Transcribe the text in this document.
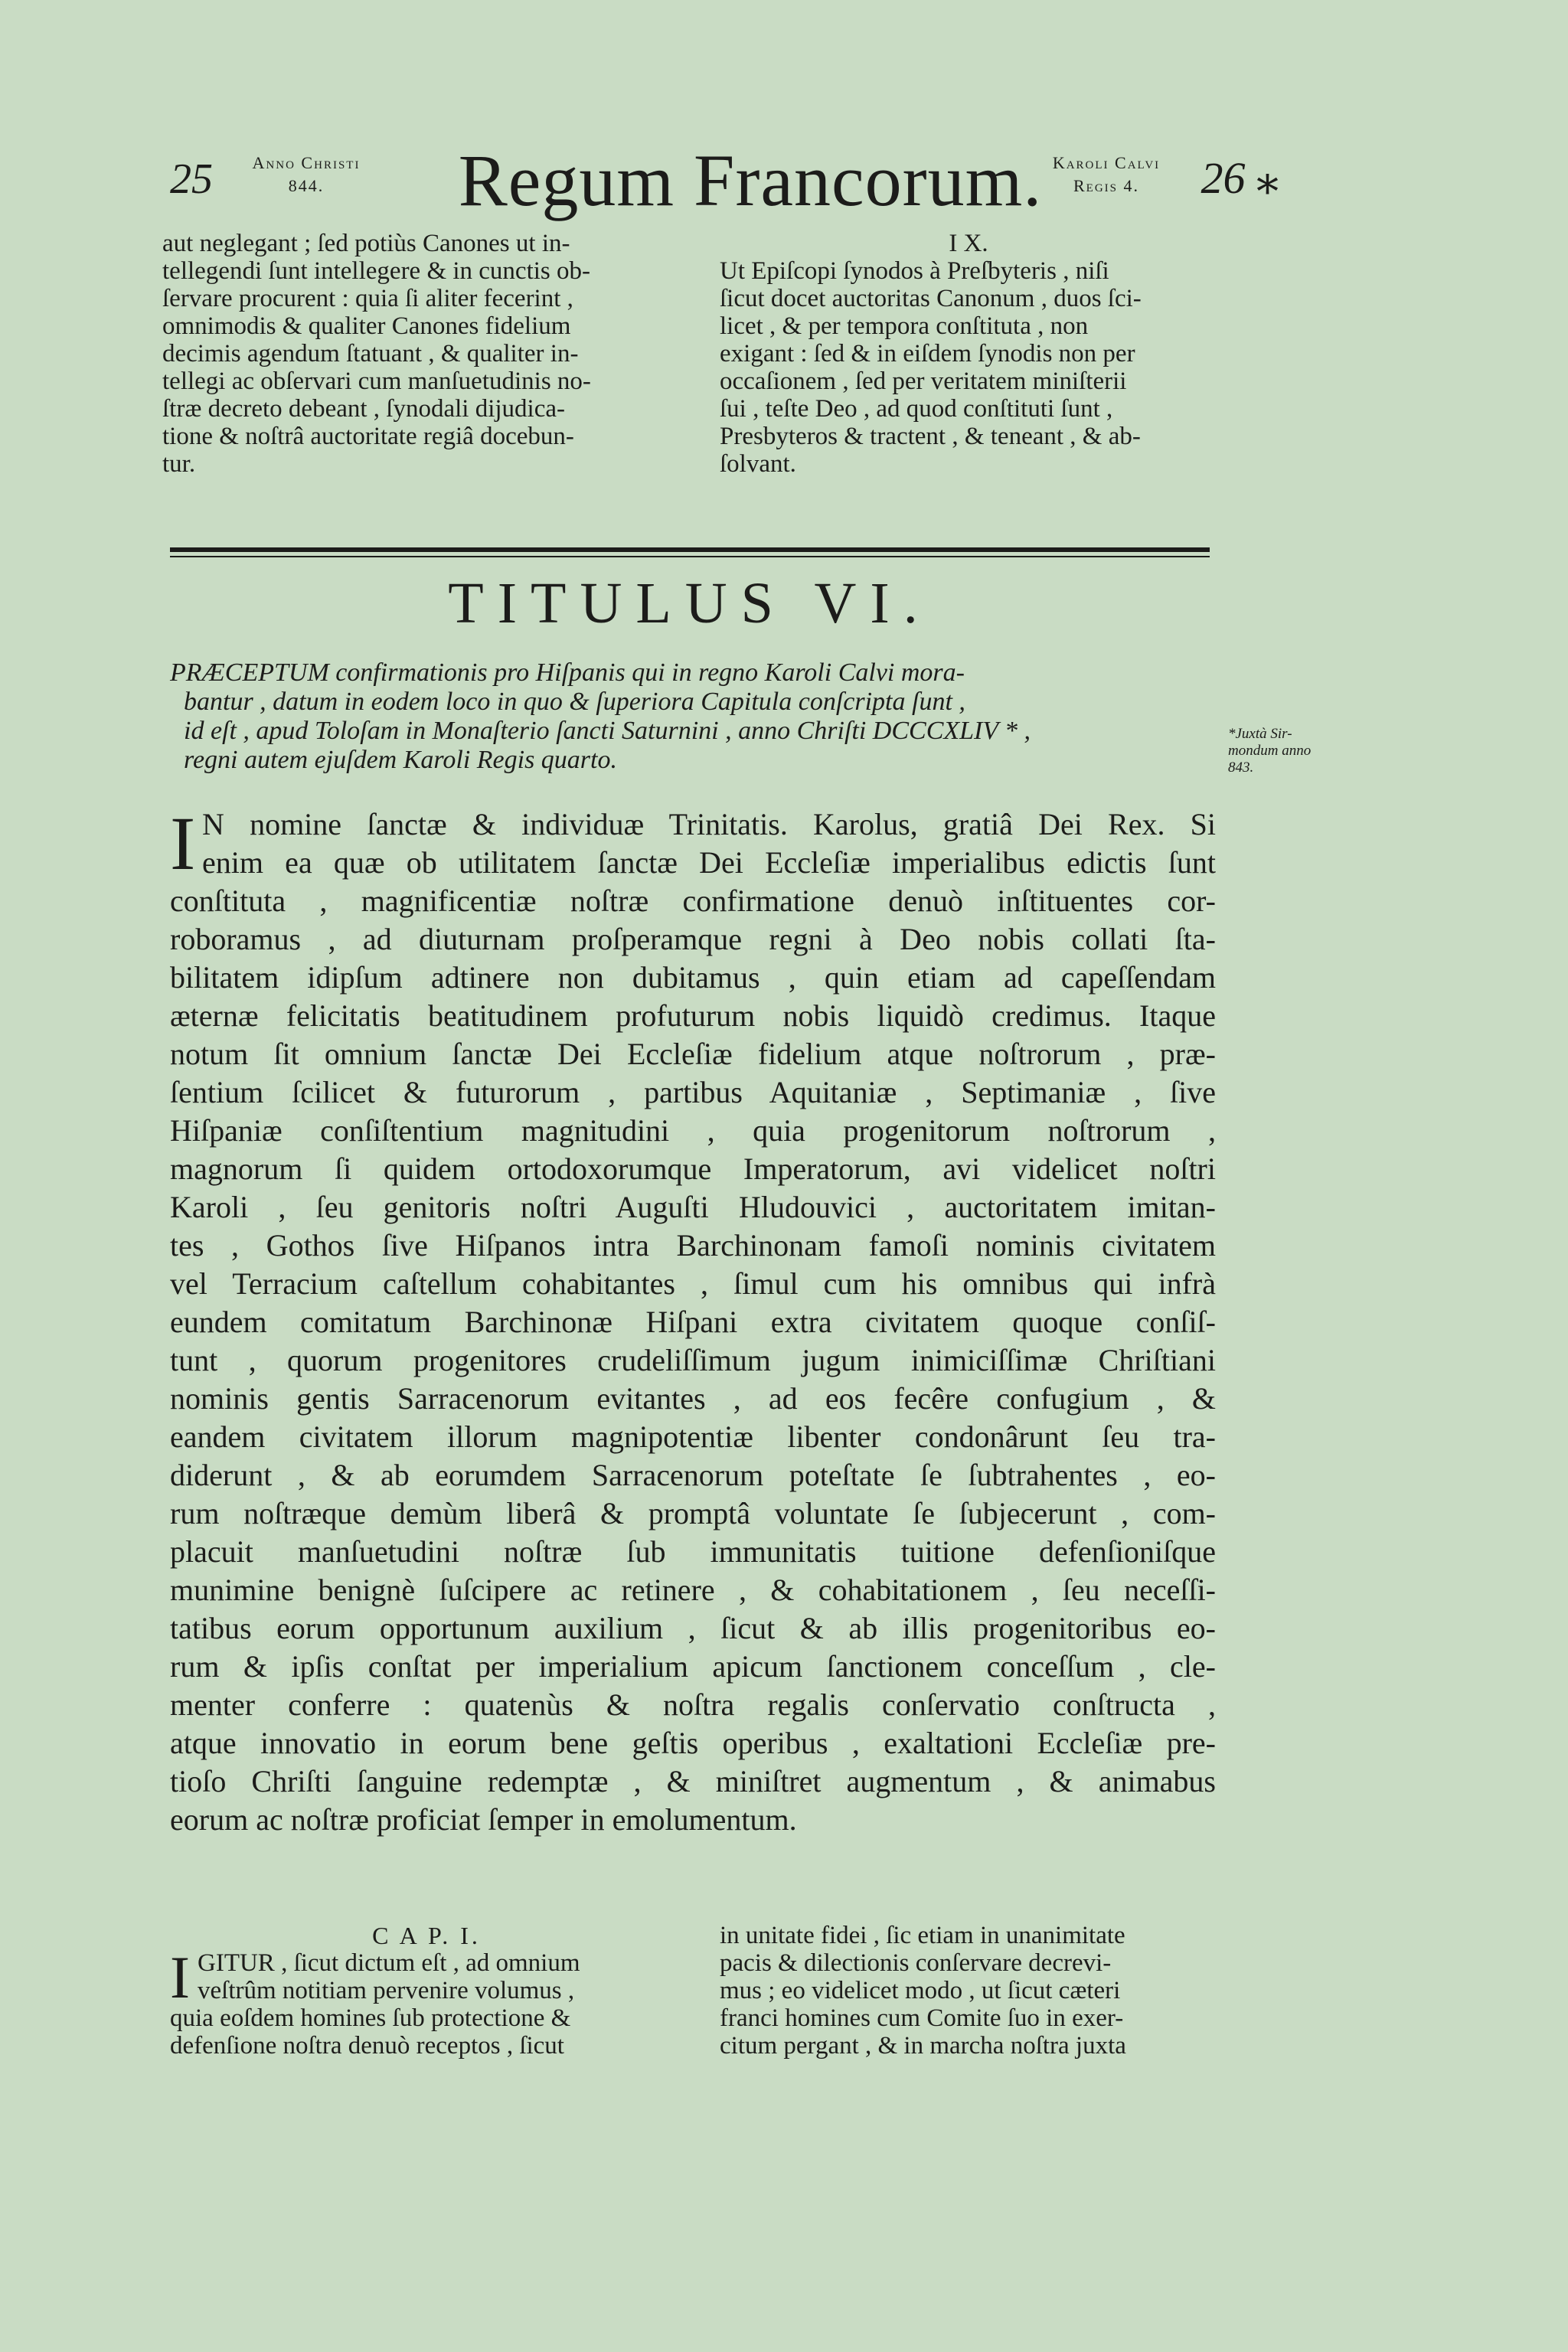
25	Anno Christi
844.	Regum Francorum. Karoli Calvi
Regis 4.	26 ⁎
aut neglegant ; ſed potiùs Canones ut in-
tellegendi ſunt intellegere & in cunctis ob-
ſervare procurent : quia ſi aliter fecerint ,
omnimodis & qualiter Canones fidelium
decimis agendum ſtatuant , & qualiter in-
tellegi ac obſervari cum manſuetudinis no-
ſtræ decreto debeant , ſynodali dijudica-
tione & noſtrâ auctoritate regiâ docebun-
tur.
I X.
Ut Epiſcopi ſynodos à Preſbyteris , niſi
ſicut docet auctoritas Canonum , duos ſci-
licet , & per tempora conſtituta , non
exigant : ſed & in eiſdem ſynodis non per
occaſionem , ſed per veritatem miniſterii
ſui , teſte Deo , ad quod conſtituti ſunt ,
Presbyteros & tractent , & teneant , & ab-
ſolvant.
TITULUS VI.
PRÆCEPTUM confirmationis pro Hiſpanis qui in regno Karoli Calvi mora-
bantur , datum in eodem loco in quo & ſuperiora Capitula conſcripta ſunt ,
id eſt , apud Toloſam in Monaſterio ſancti Saturnini , anno Chriſti DCCCXLIV * ,
regni autem ejuſdem Karoli Regis quarto.
*Juxtà Sir-mondum anno 843.
I N nomine ſanctæ & individuæ Trinitatis. Karolus, gratiâ Dei Rex. Si
enim ea quæ ob utilitatem ſanctæ Dei Eccleſiæ imperialibus edictis ſunt
conſtituta , magnificentiæ noſtræ confirmatione denuò inſtituentes cor-
roboramus , ad diuturnam proſperamque regni à Deo nobis collati ſta-
bilitatem idipſum adtinere non dubitamus , quin etiam ad capeſſendam
æternæ felicitatis beatitudinem profuturum nobis liquidò credimus. Itaque
notum ſit omnium ſanctæ Dei Eccleſiæ fidelium atque noſtrorum , præ-
ſentium ſcilicet & futurorum , partibus Aquitaniæ , Septimaniæ , ſive
Hiſpaniæ conſiſtentium magnitudini , quia progenitorum noſtrorum ,
magnorum ſi quidem ortodoxorumque Imperatorum, avi videlicet noſtri
Karoli , ſeu genitoris noſtri Auguſti Hludouvici , auctoritatem imitan-
tes , Gothos ſive Hiſpanos intra Barchinonam famoſi nominis civitatem
vel Terracium caſtellum cohabitantes , ſimul cum his omnibus qui infrà
eundem comitatum Barchinonæ Hiſpani extra civitatem quoque conſiſ-
tunt , quorum progenitores crudeliſſimum jugum inimiciſſimæ Chriſtiani
nominis gentis Sarracenorum evitantes , ad eos fecêre confugium , &
eandem civitatem illorum magnipotentiæ libenter condonârunt ſeu tra-
diderunt , & ab eorumdem Sarracenorum poteſtate ſe ſubtrahentes , eo-
rum noſtræque demùm liberâ & promptâ voluntate ſe ſubjecerunt , com-
placuit manſuetudini noſtræ ſub immunitatis tuitione defenſioniſque
munimine benignè ſuſcipere ac retinere , & cohabitationem , ſeu neceſſi-
tatibus eorum opportunum auxilium , ſicut & ab illis progenitoribus eo-
rum & ipſis conſtat per imperialium apicum ſanctionem conceſſum , cle-
menter conferre : quatenùs & noſtra regalis conſervatio conſtructa ,
atque innovatio in eorum bene geſtis operibus , exaltationi Eccleſiæ pre-
tioſo Chriſti ſanguine redemptæ , & miniſtret augmentum , & animabus
eorum ac noſtræ proficiat ſemper in emolumentum.
C A P. I.
I GITUR , ſicut dictum eſt , ad omnium
veſtrûm notitiam pervenire volumus ,
quia eoſdem homines ſub protectione &
defenſione noſtra denuò receptos , ſicut
in unitate fidei , ſic etiam in unanimitate
pacis & dilectionis conſervare decrevi-
mus ; eo videlicet modo , ut ſicut cæteri
franci homines cum Comite ſuo in exer-
citum pergant , & in marcha noſtra juxta
